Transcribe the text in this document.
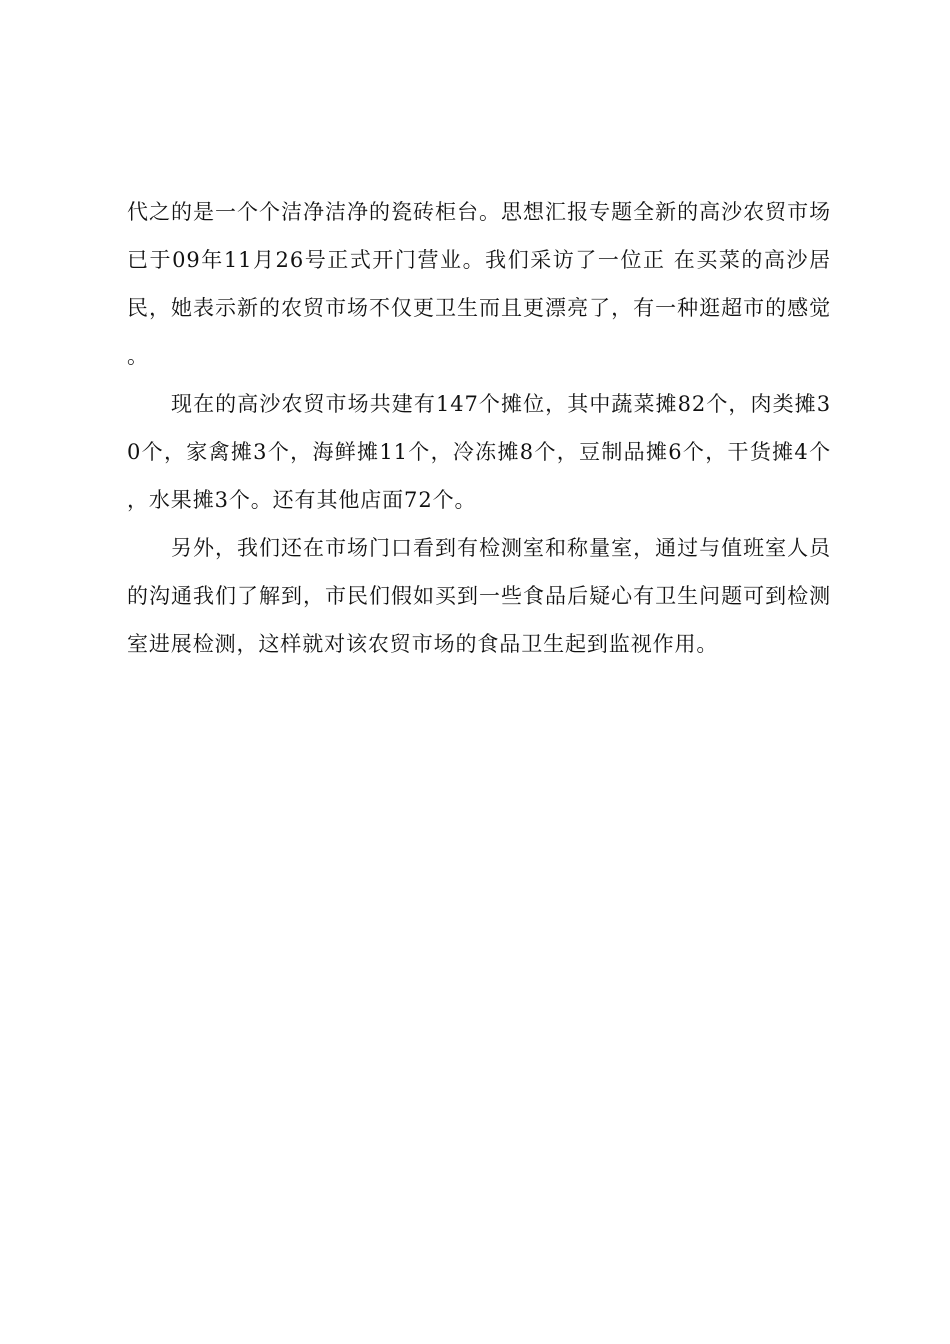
代之的是一个个洁净洁净的瓷砖柜台。思想汇报专题全新的高沙农贸市场已于09年11月26号正式开门营业。我们采访了一位正 在买菜的高沙居民，她表示新的农贸市场不仅更卫生而且更漂亮了，有一种逛超市的感觉。

现在的高沙农贸市场共建有147个摊位，其中蔬菜摊82个，肉类摊30个，家禽摊3个，海鲜摊11个，冷冻摊8个，豆制品摊6个，干货摊4个，水果摊3个。还有其他店面72个。

另外，我们还在市场门口看到有检测室和称量室，通过与值班室人员的沟通我们了解到，市民们假如买到一些食品后疑心有卫生问题可到检测室进展检测，这样就对该农贸市场的食品卫生起到监视作用。
